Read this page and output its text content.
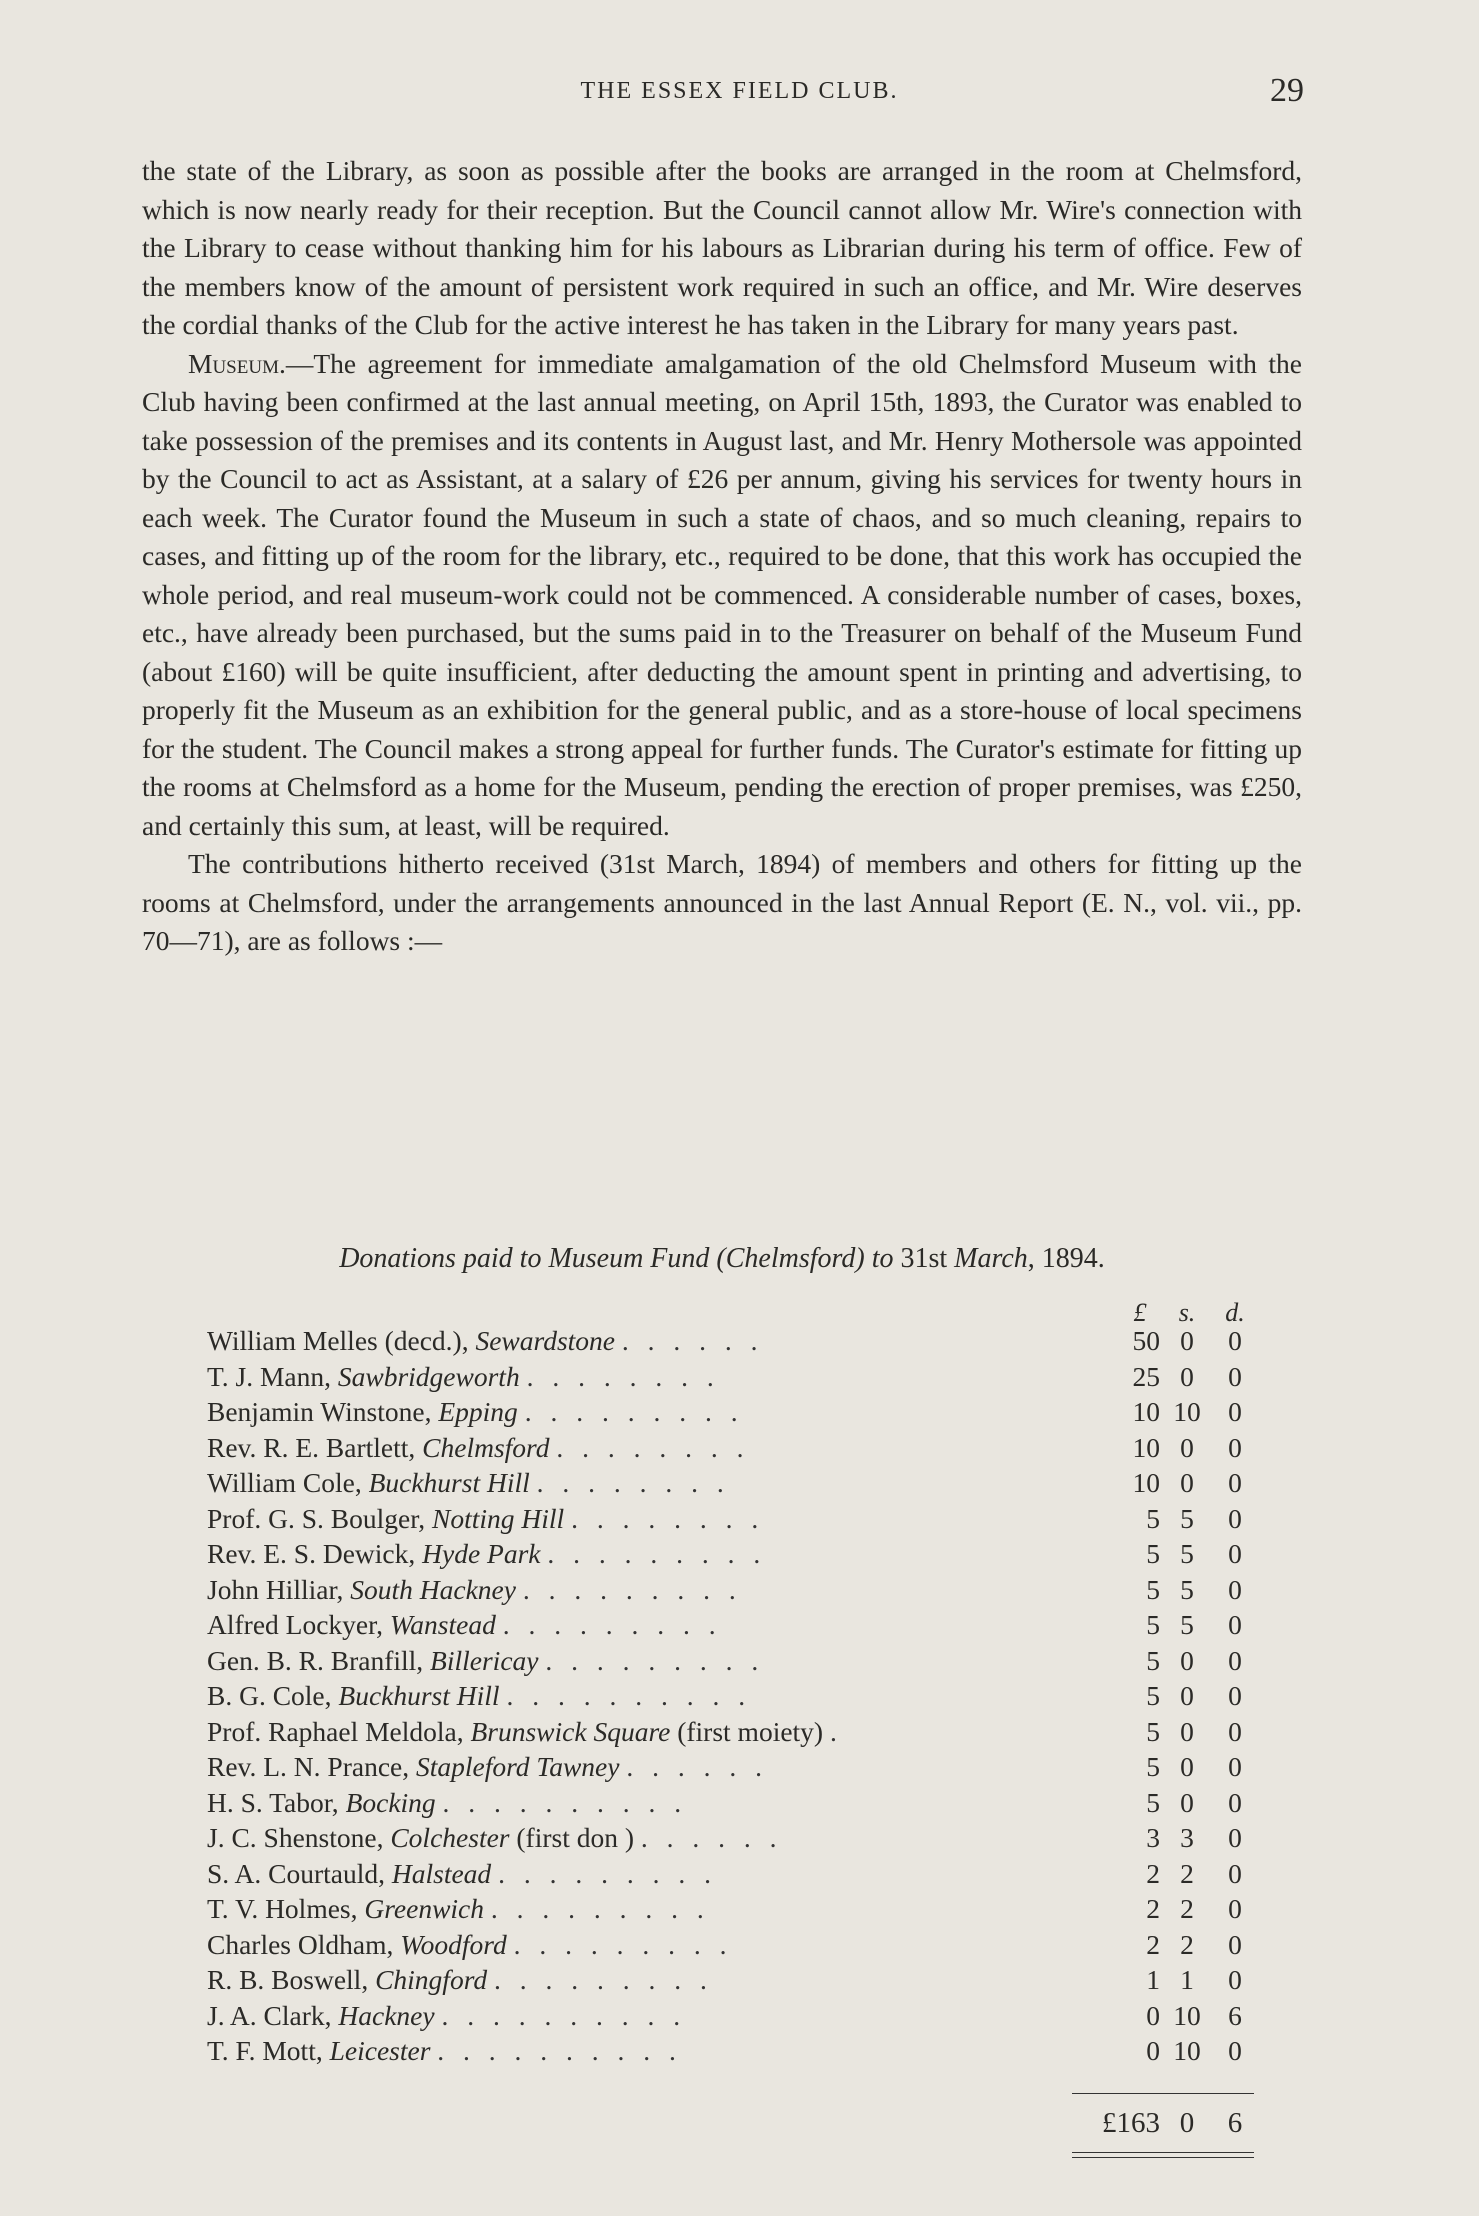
THE ESSEX FIELD CLUB.	29

the state of the Library, as soon as possible after the books are arranged in the room at Chelmsford, which is now nearly ready for their reception. But the Council cannot allow Mr. Wire's connection with the Library to cease without thanking him for his labours as Librarian during his term of office. Few of the members know of the amount of persistent work required in such an office, and Mr. Wire deserves the cordial thanks of the Club for the active interest he has taken in the Library for many years past.

Museum.—The agreement for immediate amalgamation of the old Chelmsford Museum with the Club having been confirmed at the last annual meeting, on April 15th, 1893, the Curator was enabled to take possession of the premises and its contents in August last, and Mr. Henry Mothersole was appointed by the Council to act as Assistant, at a salary of £26 per annum, giving his services for twenty hours in each week. The Curator found the Museum in such a state of chaos, and so much cleaning, repairs to cases, and fitting up of the room for the library, etc., required to be done, that this work has occupied the whole period, and real museum-work could not be commenced. A considerable number of cases, boxes, etc., have already been purchased, but the sums paid in to the Treasurer on behalf of the Museum Fund (about £160) will be quite insufficient, after deducting the amount spent in printing and advertising, to properly fit the Museum as an exhibition for the general public, and as a store-house of local specimens for the student. The Council makes a strong appeal for further funds. The Curator's estimate for fitting up the rooms at Chelmsford as a home for the Museum, pending the erection of proper premises, was £250, and certainly this sum, at least, will be required.

The contributions hitherto received (31st March, 1894) of members and others for fitting up the rooms at Chelmsford, under the arrangements announced in the last Annual Report (E. N., vol. vii., pp. 70—71), are as follows :—

Donations paid to Museum Fund (Chelmsford) to 31st March, 1894.
£	s.	d.
William Melles (decd.), Sewardstone . . . . . .	50 0	0
T. J. Mann, Sawbridgeworth . . . . . . . .	25 0	0
Benjamin Winstone, Epping . . . . . . . . .	10 10 0
Rev. R. E. Bartlett, Chelmsford . . . . . . . .	10 0	0
William Cole, Buckhurst Hill . . . . . . . .	10 0	0
Prof. G. S. Boulger, Notting Hill . . . . . . . .	5 5	0
Rev. E. S. Dewick, Hyde Park . . . . . . . . .	5 5	0
John Hilliar, South Hackney . . . . . . . . .	5 5	0
Alfred Lockyer, Wanstead . . . . . . . . .	5 5	0
Gen. B. R. Branfill, Billericay . . . . . . . . .	5 0	0
B. G. Cole, Buckhurst Hill . . . . . . . . . .	5 0	0
Prof. Raphael Meldola, Brunswick Square (first moiety) .	5 0	0
Rev. L. N. Prance, Stapleford Tawney . . . . . .	5 0	0
H. S. Tabor, Bocking . . . . . . . . . .	5 0	0
J. C. Shenstone, Colchester (first don ) . . . . . .	3 3	0
S. A. Courtauld, Halstead . . . . . . . . .	2 2	0
T. V. Holmes, Greenwich . . . . . . . . .	2 2	0
Charles Oldham, Woodford . . . . . . . . .	2 2	0
R. B. Boswell, Chingford . . . . . . . . .	1 1	0
J. A. Clark, Hackney . . . . . . . . . .	0 10 6
T. F. Mott, Leicester . . . . . . . . . .	0 10 0
£163 0	6
